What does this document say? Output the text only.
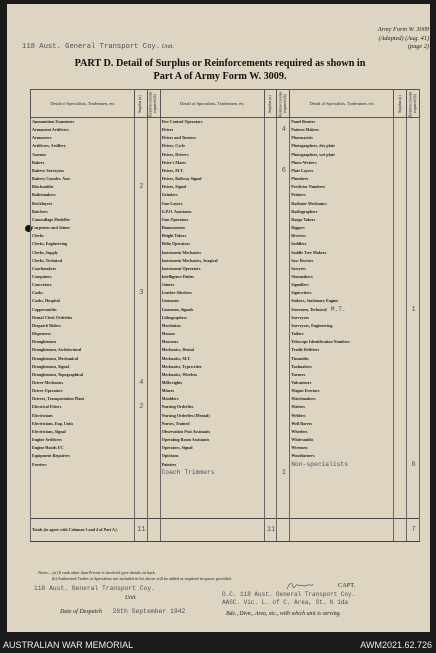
Army Form W. 3009
(Adapted) (Aug. 41)
(page 2)
118 Aust. General Transport Coy. Unit.
PART D. Detail of Surplus or Reinforcements required as shown in
Part A of Army Form W. 3009.
Detail of Specialists, Tradesmen, etc.	Surplus (a)	Reinforcements required (b)	Detail of Specialists, Tradesmen, etc.	Surplus (a)	Reinforcements required (b)	Detail of Specialists, Tradesmen, etc.	Surplus (a)	Reinforcements required (b)
Ammunition Examiners			Fire Control Operators			Panel Beaters		
Armament Artificers			Fitters		4	Pattern Makers		
Armourers			Fitters and Turners			Pharmacists		
Artificers, Artillery			Fitters, Cycle			Photographers, dry plate		
Assemn			Fitters, Drivers			Photographers, wet plate		
Bakers			Fitter's Mates			Photo-Writers		
Battery Surveyors			Fitters, M.T.		6	Plate Layers		
Battery Comdrs. Asst.			Fitters, Railway Signal			Plumbers		
Blacksmiths	2		Fitters, Signal			Predictor Numbers		
Boilermakers			Grinders			Printers		
Bricklayers			Gun Layers			Radiator Mechanics		
Butchers			G.P.O. Assistants			Radiographers		
Camouflage Modeller			Gun Operators			Range Takers		
Carpenter and Joiner			Hammermen			Riggers		
Clerks			Height Takers			Riveters		
Clerks, Engineering			Helio Operators			Saddlers		
Clerks, Supply			Instrument Mechanics			Saddle Tree Makers		
Clerks, Technical			Instrument Mechanics, Surgical			Saw Doctors		
Coachmakers			Instrument Operators			Sawyers		
Computers			Intelligence Duties			Shoemakers		
Concretors			Joiners			Signallers		
Cooks	3		Leather Stitchers			Signwriters		
Cooks, Hospital			Linesmen			Stokers, Stationary Engine		
Coppersmiths			Linesmen, Signals			Storemen, Technical M.T.		1
Dental Clerk Orderlies			Lithographers			Surveyors		
Despatch Riders			Machinists			Surveyors, Engineering		
Dispensers			Masons			Tailors		
Draughtsmen			Masseurs			Telescope Identification Numbers		
Draughtsmen, Architectural			Mechanics, Dental			Textile Refitters		
Draughtsmen, Mechanical			Mechanics, M.T.			Tinsmiths		
Draughtsmen, Signal			Mechanics, Typewriter			Toolmakers		
Draughtsmen, Topographical			Mechanics, Wireless			Turners		
Driver Mechanics	4		Millwrights			Vulcanisers		
Driver Operators			Miners			Wagon Erectors		
Drivers, Transportation Plant			Moulders			Watchmakers		
Electrical Fitters	2		Nursing Orderlies			Waiters		
Electricians			Nursing Orderlies (Mental)			Welders		
Electricians, Eng. Units			Nurses, Trained			Well Borers		
Electricians, Signal			Observation Post Assistants			Wheelers		
Engine Artificers			Operating Room Assistants			Whitesmiths		
Engine Hands I/C			Operators, Signal			Wiremen		
Equipment Repairers			Opticians			Woodturners		
Farriers			Painters			Non-specialists		6
			Coach Trimmers		1			

Totals (to agree with Columns 3 and 4 of Part A.)	11			11				7
Notes.—(a) If rank other than Private is involved give details on back.
(b) Authorised Trades or Specialists not included in list above will be added as required in spaces provided.
118 Aust. General Transport Coy.
Unit.
CAPT.
O.C. 118 Aust. General Transport Coy.
AASC. Vic. L. of C. Area, St. K 1da
Date of Despatch 26th September 1942	Bde., Divn., Area, etc., with which unit is serving.
AUSTRALIAN WAR MEMORIAL	AWM2021.62.726
